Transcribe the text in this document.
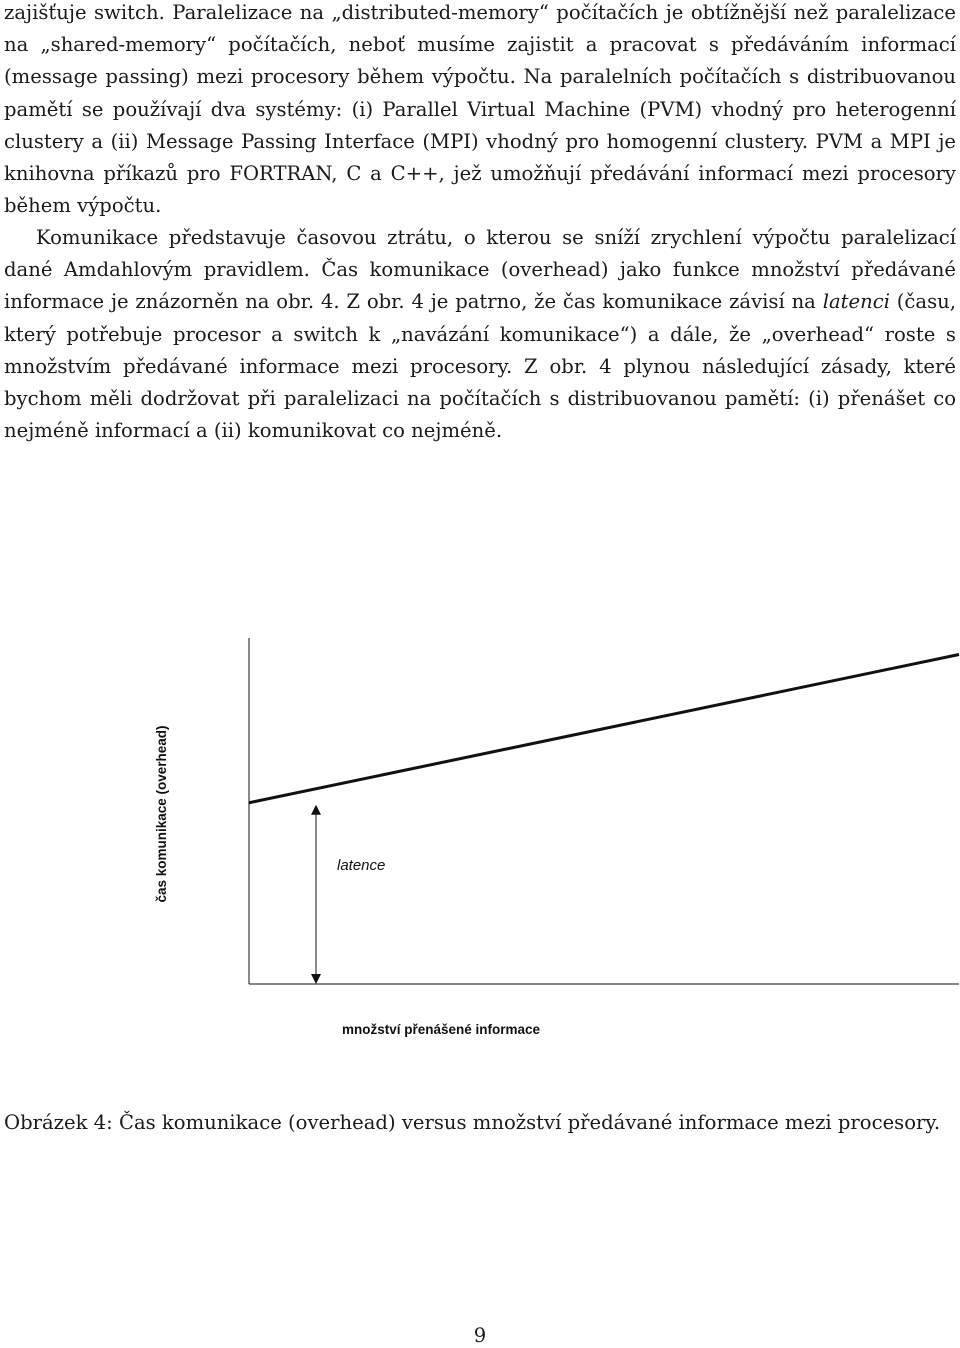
zajišťuje switch. Paralelizace na „distributed-memory“ počítačích je obtížnější než paralelizace na „shared-memory“ počítačích, neboť musíme zajistit a pracovat s předáváním informací (message passing) mezi procesory během výpočtu. Na paralelních počítačích s distribuovanou pamětí se používají dva systémy: (i) Parallel Virtual Machine (PVM) vhodný pro heterogenní clustery a (ii) Message Passing Interface (MPI) vhodný pro homogenní clustery. PVM a MPI je knihovna příkazů pro FORTRAN, C a C++, jež umožňují předávání informací mezi procesory během výpočtu.

Komunikace představuje časovou ztrátu, o kterou se sníží zrychlení výpočtu paralelizací dané Amdahlovým pravidlem. Čas komunikace (overhead) jako funkce množství předávané informace je znázorněn na obr. 4. Z obr. 4 je patrno, že čas komunikace závisí na latenci (času, který potřebuje procesor a switch k „navázání komunikace“) a dále, že „overhead“ roste s množstvím předávané informace mezi procesory. Z obr. 4 plynou následující zásady, které bychom měli dodržovat při paralelizaci na počítačích s distribuovanou pamětí: (i) přenášet co nejméně informací a (ii) komunikovat co nejméně.

latence
čas komunikace (overhead)
množství přenášené informace

Obrázek 4: Čas komunikace (overhead) versus množství předávané informace mezi procesory.

9
